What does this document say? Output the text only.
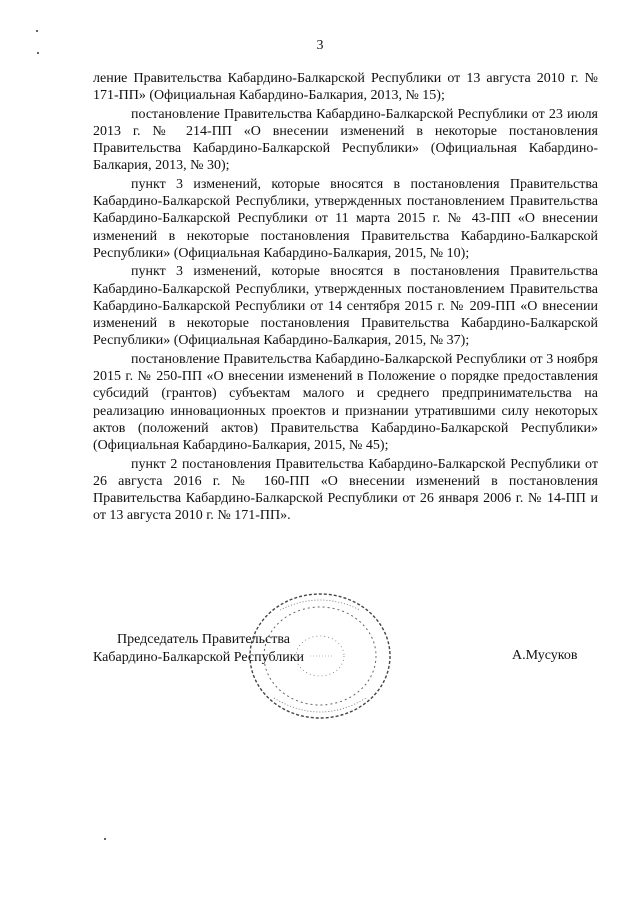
3

ление Правительства Кабардино-Балкарской Республики от 13 августа 2010 г. № 171-ПП» (Официальная Кабардино-Балкария, 2013, № 15);

постановление Правительства Кабардино-Балкарской Республики от 23 июля 2013 г. № 214-ПП «О внесении изменений в некоторые постановления Правительства Кабардино-Балкарской Республики» (Официальная Кабардино-Балкария, 2013, № 30);

пункт 3 изменений, которые вносятся в постановления Правительства Кабардино-Балкарской Республики, утвержденных постановлением Правительства Кабардино-Балкарской Республики от 11 марта 2015 г. № 43-ПП «О внесении изменений в некоторые постановления Правительства Кабардино-Балкарской Республики» (Официальная Кабардино-Балкария, 2015, № 10);

пункт 3 изменений, которые вносятся в постановления Правительства Кабардино-Балкарской Республики, утвержденных постановлением Правительства Кабардино-Балкарской Республики от 14 сентября 2015 г. № 209-ПП «О внесении изменений в некоторые постановления Правительства Кабардино-Балкарской Республики» (Официальная Кабардино-Балкария, 2015, № 37);

постановление Правительства Кабардино-Балкарской Республики от 3 ноября 2015 г. № 250-ПП «О внесении изменений в Положение о порядке предоставления субсидий (грантов) субъектам малого и среднего предпринимательства на реализацию инновационных проектов и признании утратившими силу некоторых актов (положений актов) Правительства Кабардино-Балкарской Республики» (Официальная Кабардино-Балкария, 2015, № 45);

пункт 2 постановления Правительства Кабардино-Балкарской Республики от 26 августа 2016 г. № 160-ПП «О внесении изменений в постановления Правительства Кабардино-Балкарской Республики от 26 января 2006 г. № 14-ПП и от 13 августа 2010 г. № 171-ПП».

Председатель Правительства
Кабардино-Балкарской Республики	А.Мусуков
